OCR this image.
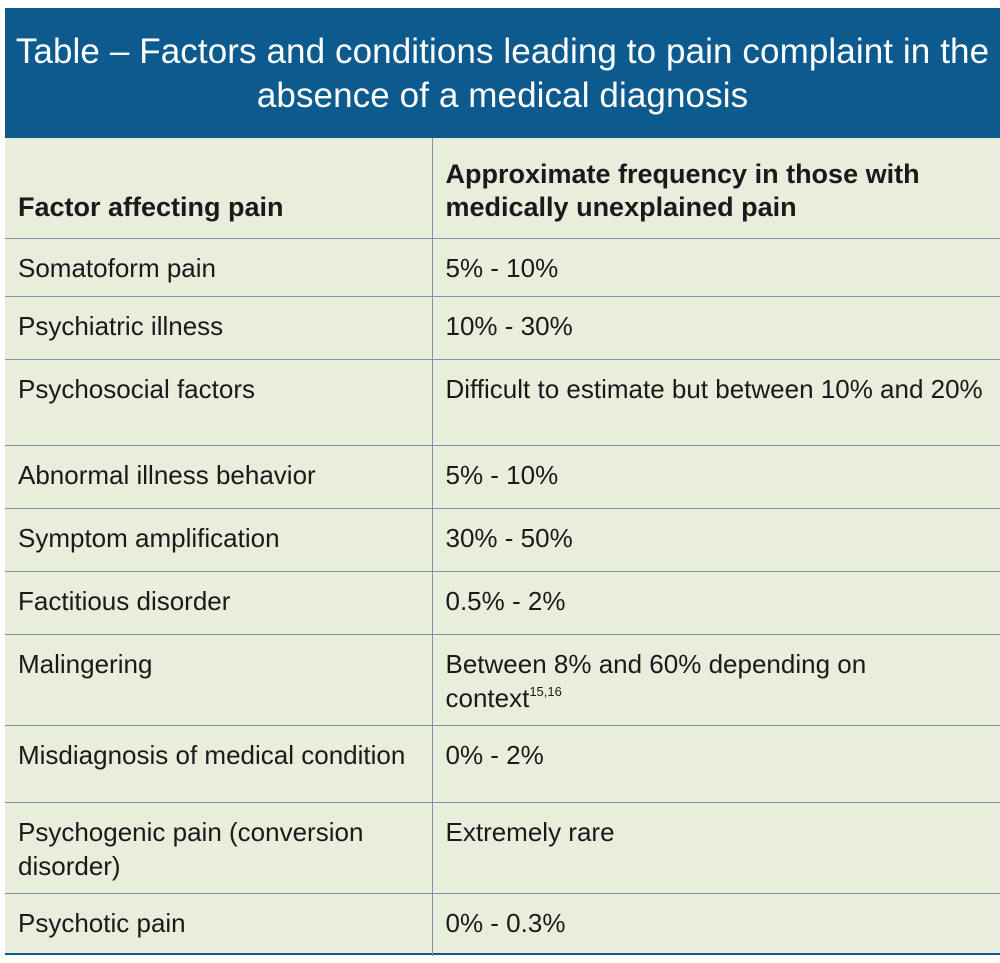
Table – Factors and conditions leading to pain complaint in the absence of a medical diagnosis
Factor affecting pain	Approximate frequency in those with medically unexplained pain
Somatoform pain	5% - 10%
Psychiatric illness	10% - 30%
Psychosocial factors	Difficult to estimate but between 10% and 20%
Abnormal illness behavior	5% - 10%
Symptom amplification	30% - 50%
Factitious disorder	0.5% - 2%
Malingering	Between 8% and 60% depending on context$^{15,16}$
Misdiagnosis of medical condition	0% - 2%
Psychogenic pain (conversion disorder)	Extremely rare
Psychotic pain	0% - 0.3%
